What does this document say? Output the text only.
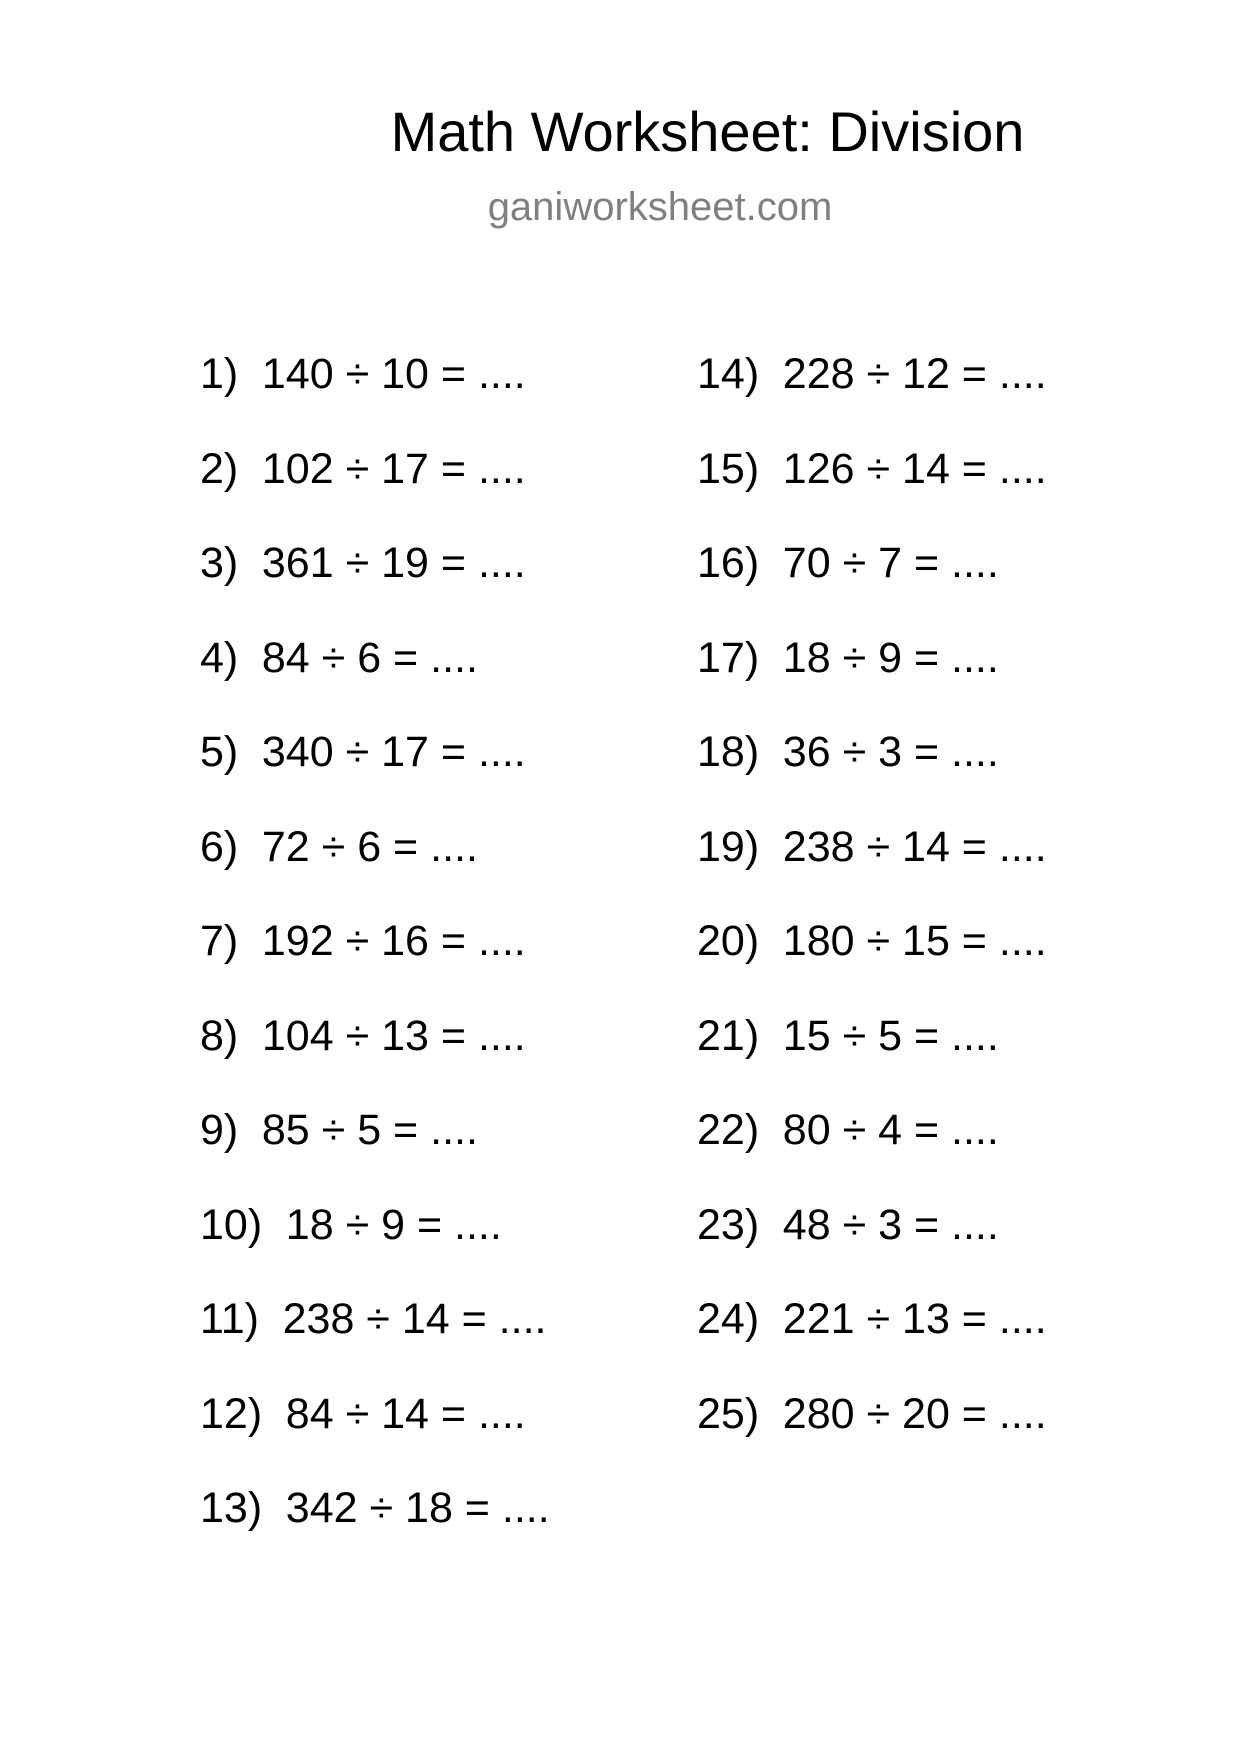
Math Worksheet: Division
ganiworksheet.com
1) 140 ÷ 10 = ....
2) 102 ÷ 17 = ....
3) 361 ÷ 19 = ....
4) 84 ÷ 6 = ....
5) 340 ÷ 17 = ....
6) 72 ÷ 6 = ....
7) 192 ÷ 16 = ....
8) 104 ÷ 13 = ....
9) 85 ÷ 5 = ....
10) 18 ÷ 9 = ....
11) 238 ÷ 14 = ....
12) 84 ÷ 14 = ....
13) 342 ÷ 18 = ....
14) 228 ÷ 12 = ....
15) 126 ÷ 14 = ....
16) 70 ÷ 7 = ....
17) 18 ÷ 9 = ....
18) 36 ÷ 3 = ....
19) 238 ÷ 14 = ....
20) 180 ÷ 15 = ....
21) 15 ÷ 5 = ....
22) 80 ÷ 4 = ....
23) 48 ÷ 3 = ....
24) 221 ÷ 13 = ....
25) 280 ÷ 20 = ....
